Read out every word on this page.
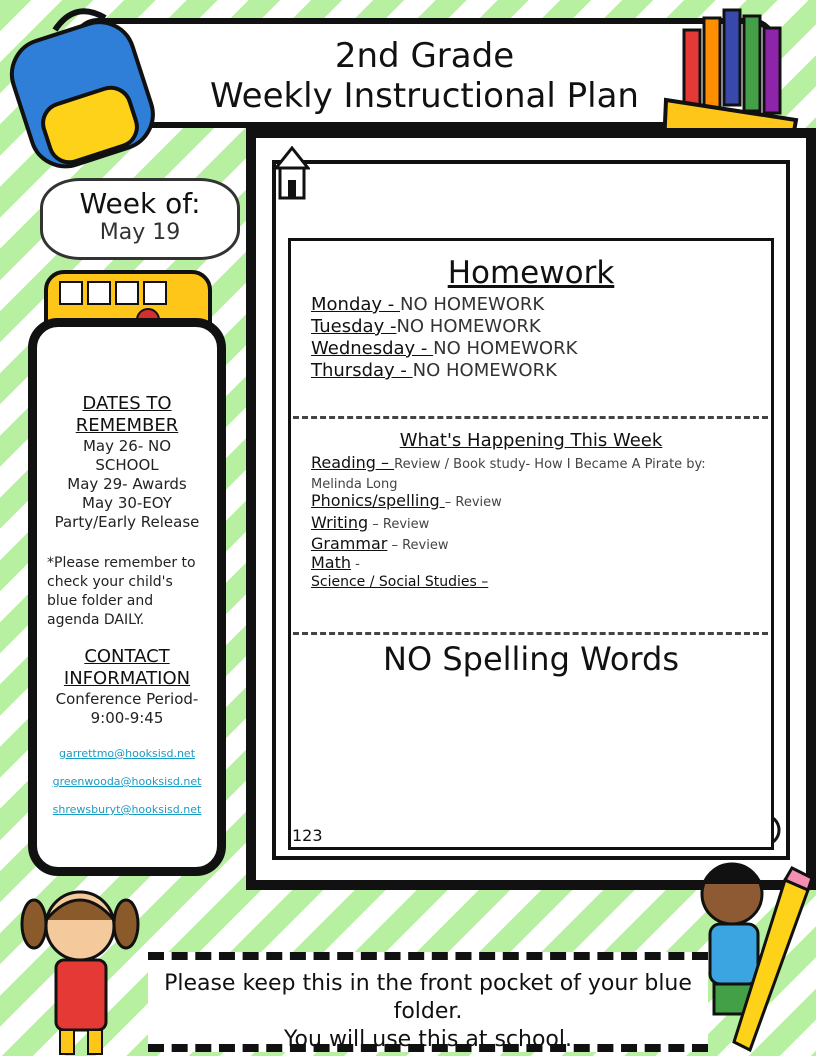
2nd Grade
Weekly Instructional Plan
Week of:
May 19

DATES TO

REMEMBER

May 26- NO

SCHOOL

May 29- Awards

May 30-EOY

Party/Early Release

*Please remember to check your child's blue folder and agenda DAILY.

CONTACT

INFORMATION

Conference Period-

9:00-9:45

garrettmo@hooksisd.net

greenwooda@hooksisd.net

shrewsburyt@hooksisd.net

Homework
Monday - NO HOMEWORK
Tuesday -NO HOMEWORK
Wednesday - NO HOMEWORK
Thursday - NO HOMEWORK
What's Happening This Week
Reading – Review / Book study- How I Became A Pirate by: Melinda Long
Phonics/spelling – Review
Writing – Review
Grammar – Review
Math -
Science / Social Studies –
NO Spelling Words
123
Please keep this in the front pocket of your blue
folder.
You will use this at school.
